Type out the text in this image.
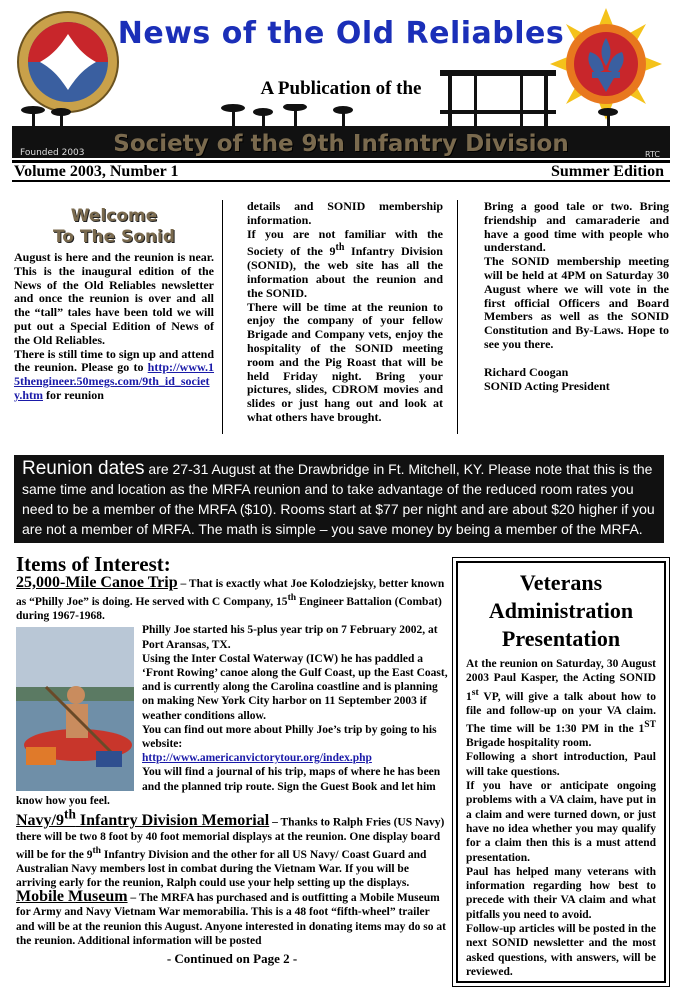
News of the Old Reliables
A Publication of the
Founded 2003	Society of the 9th Infantry Division	RTC
Volume 2003, Number 1	Summer Edition
Welcome
To The Sonid

August is here and the reunion is near. This is the inaugural edition of the News of the Old Reliables newsletter and once the reunion is over and all the “tall” tales have been told we will put out a Special Edition of News of the Old Reliables.

There is still time to sign up and attend the reunion. Please go to http://www.15thengineer.50megs.com/9th_id_society.htm for reunion

details and SONID membership information.

If you are not familiar with the Society of the 9th Infantry Division (SONID), the web site has all the information about the reunion and the SONID.

There will be time at the reunion to enjoy the company of your fellow Brigade and Company vets, enjoy the hospitality of the SONID meeting room and the Pig Roast that will be held Friday night. Bring your pictures, slides, CDROM movies and slides or just hang out and look at what others have brought.

Bring a good tale or two. Bring friendship and camaraderie and have a good time with people who understand.

The SONID membership meeting will be held at 4PM on Saturday 30 August where we will vote in the first official Officers and Board Members as well as the SONID Constitution and By-Laws. Hope to see you there.

Richard Coogan
SONID Acting President
Reunion dates are 27-31 August at the Drawbridge in Ft. Mitchell, KY. Please note that this is the same time and location as the MRFA reunion and to take advantage of the reduced room rates you need to be a member of the MRFA ($10). Rooms start at $77 per night and are about $20 higher if you are not a member of MRFA. The math is simple – you save money by being a member of the MRFA.
Items of Interest:

25,000-Mile Canoe Trip – That is exactly what Joe Kolodziejsky, better known as “Philly Joe” is doing. He served with C Company, 15th Engineer Battalion (Combat) during 1967-1968.

Philly Joe started his 5-plus year trip on 7 February 2002, at Port Aransas, TX.

Using the Inter Costal Waterway (ICW) he has paddled a ‘Front Rowing’ canoe along the Gulf Coast, up the East Coast, and is currently along the Carolina coastline and is planning on making New York City harbor on 11 September 2003 if weather conditions allow.

You can find out more about Philly Joe’s trip by going to his website:

http://www.americanvictorytour.org/index.php

You will find a journal of his trip, maps of where he has been and the planned trip route. Sign the Guest Book and let him know how you feel.

Navy/9th Infantry Division Memorial – Thanks to Ralph Fries (US Navy) there will be two 8 foot by 40 foot memorial displays at the reunion. One display board will be for the 9th Infantry Division and the other for all US Navy/ Coast Guard and Australian Navy members lost in combat during the Vietnam War. If you will be arriving early for the reunion, Ralph could use your help setting up the displays.

Mobile Museum – The MRFA has purchased and is outfitting a Mobile Museum for Army and Navy Vietnam War memorabilia. This is a 48 foot “fifth-wheel” trailer and will be at the reunion this August. Anyone interested in donating items may do so at the reunion. Additional information will be posted

- Continued on Page 2 -
Veterans
Administration
Presentation

At the reunion on Saturday, 30 August 2003 Paul Kasper, the Acting SONID 1st VP, will give a talk about how to file and follow-up on your VA claim. The time will be 1:30 PM in the 1ST Brigade hospitality room.

Following a short introduction, Paul will take questions.

If you have or anticipate ongoing problems with a VA claim, have put in a claim and were turned down, or just have no idea whether you may qualify for a claim then this is a must attend presentation.

Paul has helped many veterans with information regarding how best to precede with their VA claim and what pitfalls you need to avoid.

Follow-up articles will be posted in the next SONID newsletter and the most asked questions, with answers, will be reviewed.
